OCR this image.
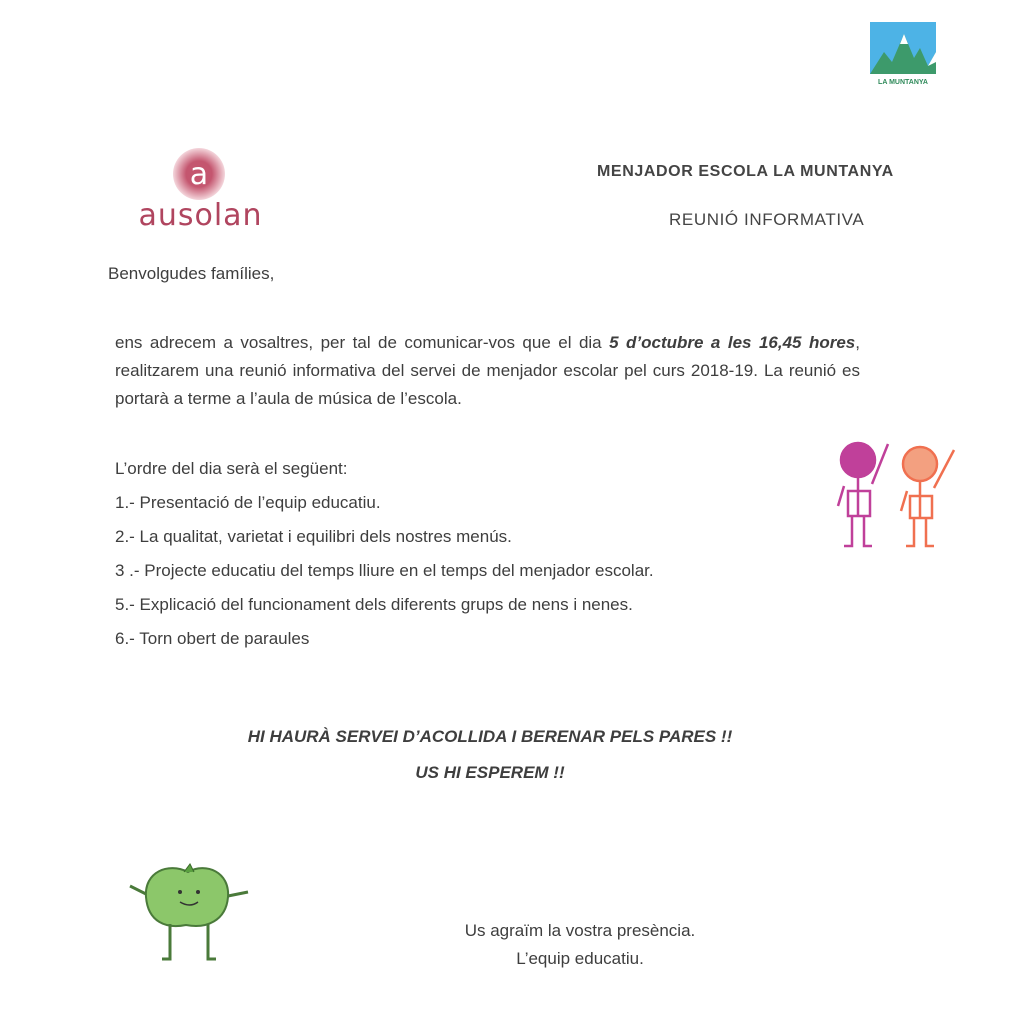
LA MUNTANYA
a
ausolan
MENJADOR ESCOLA LA MUNTANYA
REUNIÓ INFORMATIVA
Benvolgudes famílies,
ens adrecem a vosaltres, per tal de comunicar-vos que el dia 5 d’octubre a les 16,45 hores, realitzarem una reunió informativa del servei de menjador escolar pel curs 2018-19. La reunió es portarà a terme a l’aula de música de l’escola.
L’ordre del dia serà el següent:
1.- Presentació de l’equip educatiu.
2.- La qualitat, varietat i equilibri dels nostres menús.
3 .- Projecte educatiu del temps lliure en el temps del menjador escolar.
5.- Explicació del funcionament dels diferents grups de nens i nenes.
6.- Torn obert de paraules
HI HAURÀ SERVEI D’ACOLLIDA I BERENAR PELS PARES !!
US HI ESPEREM !!
Us agraïm la vostra presència.
L’equip educatiu.
